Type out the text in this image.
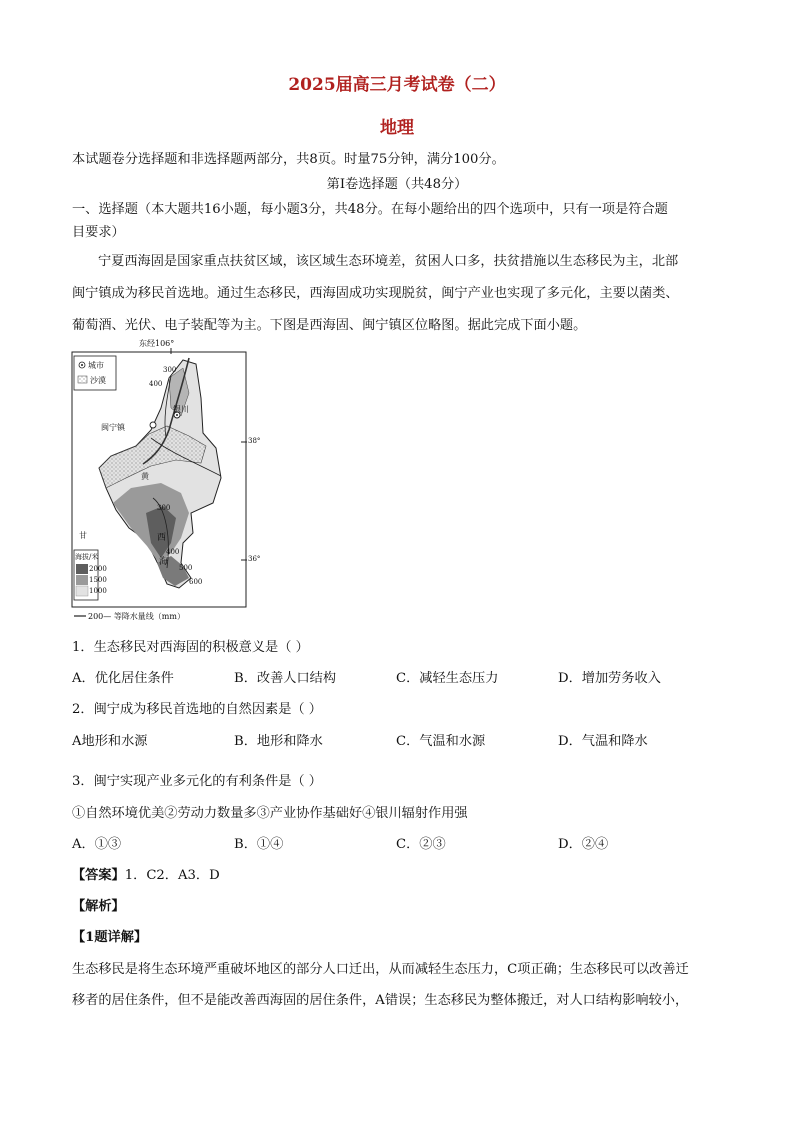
2025届高三月考试卷（二）
地理
本试题卷分选择题和非选择题两部分，共8页。时量75分钟，满分100分。
第I卷选择题（共48分）
一、选择题（本大题共16小题，每小题3分，共48分。在每小题给出的四个选项中，只有一项是符合题
目要求）
宁夏西海固是国家重点扶贫区域，该区域生态环境差，贫困人口多，扶贫措施以生态移民为主，北部
闽宁镇成为移民首选地。通过生态移民，西海固成功实现脱贫，闽宁产业也实现了多元化，主要以菌类、
葡萄酒、光伏、电子装配等为主。下图是西海固、闽宁镇区位略图。据此完成下面小题。
东经106°
城市
沙漠
38°
36°
闽宁镇
银川
甘
黄
西
海
300
400
300
400
500
600
海拔/米
2000
1500
1000
200— 等降水量线（mm）
1．生态移民对西海固的积极意义是（ ）
A．优化居住条件	B．改善人口结构	C．减轻生态压力	D．增加劳务收入
2．闽宁成为移民首选地的自然因素是（ ）
A地形和水源	B．地形和降水	C．气温和水源	D．气温和降水
3．闽宁实现产业多元化的有利条件是（ ）
①自然环境优美②劳动力数量多③产业协作基础好④银川辐射作用强
A．①③	B．①④	C．②③	D．②④
【答案】1．C2．A3．D
【解析】
【1题详解】
生态移民是将生态环境严重破坏地区的部分人口迁出，从而减轻生态压力，C项正确；生态移民可以改善迁
移者的居住条件，但不是能改善西海固的居住条件，A错误；生态移民为整体搬迁，对人口结构影响较小，
